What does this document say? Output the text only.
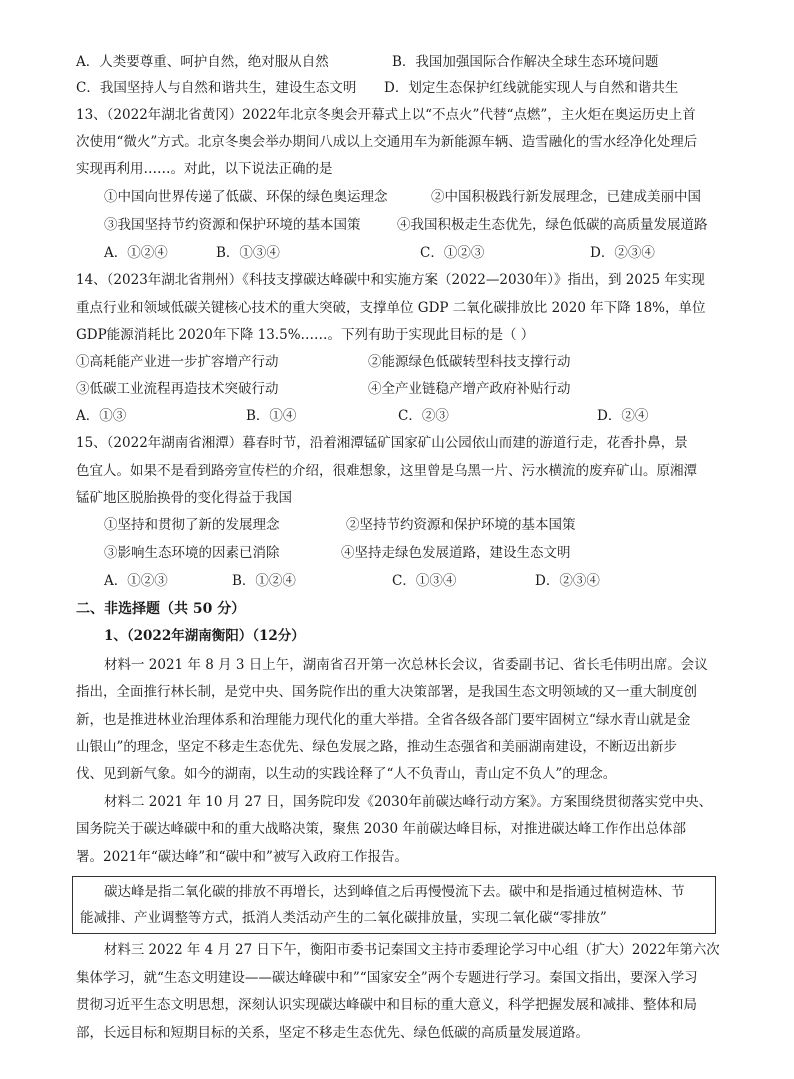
A．人类要尊重、呵护自然，绝对服从自然	B．我国加强国际合作解决全球生态环境问题
C．我国坚持人与自然和谐共生，建设生态文明 D．划定生态保护红线就能实现人与自然和谐共生
13、（2022年湖北省黄冈）2022年北京冬奥会开幕式上以“不点火”代替“点燃”，主火炬在奥运历史上首
次使用“微火”方式。北京冬奥会举办期间八成以上交通用车为新能源车辆、造雪融化的雪水经净化处理后
实现再利用……。对此，以下说法正确的是
①中国向世界传递了低碳、环保的绿色奥运理念	②中国积极践行新发展理念，已建成美丽中国
③我国坚持节约资源和保护环境的基本国策	④我国积极走生态优先，绿色低碳的高质量发展道路
A．①②④	B．①③④	C．①②③	D．②③④
14、（2023年湖北省荆州）《科技支撑碳达峰碳中和实施方案（2022—2030年）》指出，到 2025 年实现
重点行业和领域低碳关键核心技术的重大突破，支撑单位 GDP 二氧化碳排放比 2020 年下降 18%，单位
GDP能源消耗比 2020年下降 13.5%……。下列有助于实现此目标的是（ ）
①高耗能产业进一步扩容增产行动	②能源绿色低碳转型科技支撑行动
③低碳工业流程再造技术突破行动	④全产业链稳产增产政府补贴行动
A．①③	B．①④	C．②③	D．②④
15、（2022年湖南省湘潭）暮春时节，沿着湘潭锰矿国家矿山公园依山而建的游道行走，花香扑鼻，景
色宜人。如果不是看到路旁宣传栏的介绍，很难想象，这里曾是乌黑一片、污水横流的废弃矿山。原湘潭
锰矿地区脱胎换骨的变化得益于我国
①坚持和贯彻了新的发展理念	②坚持节约资源和保护环境的基本国策
③影响生态环境的因素已消除	④坚持走绿色发展道路，建设生态文明
A．①②③	B．①②④	C．①③④	D．②③④
二、非选择题（共 50 分）
1、（2022年湖南衡阳）（12分）
材料一 2021 年 8 月 3 日上午，湖南省召开第一次总林长会议，省委副书记、省长毛伟明出席。会议
指出，全面推行林长制，是党中央、国务院作出的重大决策部署，是我国生态文明领域的又一重大制度创
新，也是推进林业治理体系和治理能力现代化的重大举措。全省各级各部门要牢固树立“绿水青山就是金
山银山”的理念，坚定不移走生态优先、绿色发展之路，推动生态强省和美丽湖南建设，不断迈出新步
伐、见到新气象。如今的湖南，以生动的实践诠释了“人不负青山，青山定不负人”的理念。
材料二 2021 年 10 月 27 日，国务院印发《2030年前碳达峰行动方案》。方案围绕贯彻落实党中央、
国务院关于碳达峰碳中和的重大战略决策，聚焦 2030 年前碳达峰目标，对推进碳达峰工作作出总体部
署。2021年“碳达峰”和“碳中和”被写入政府工作报告。
碳达峰是指二氧化碳的排放不再增长，达到峰值之后再慢慢流下去。碳中和是指通过植树造林、节
能减排、产业调整等方式，抵消人类活动产生的二氧化碳排放量，实现二氧化碳“零排放”
材料三 2022 年 4 月 27 日下午，衡阳市委书记秦国文主持市委理论学习中心组（扩大）2022年第六次
集体学习，就“生态文明建设——碳达峰碳中和”“国家安全”两个专题进行学习。秦国文指出，要深入学习
贯彻习近平生态文明思想，深刻认识实现碳达峰碳中和目标的重大意义，科学把握发展和减排、整体和局
部，长远目标和短期目标的关系，坚定不移走生态优先、绿色低碳的高质量发展道路。
